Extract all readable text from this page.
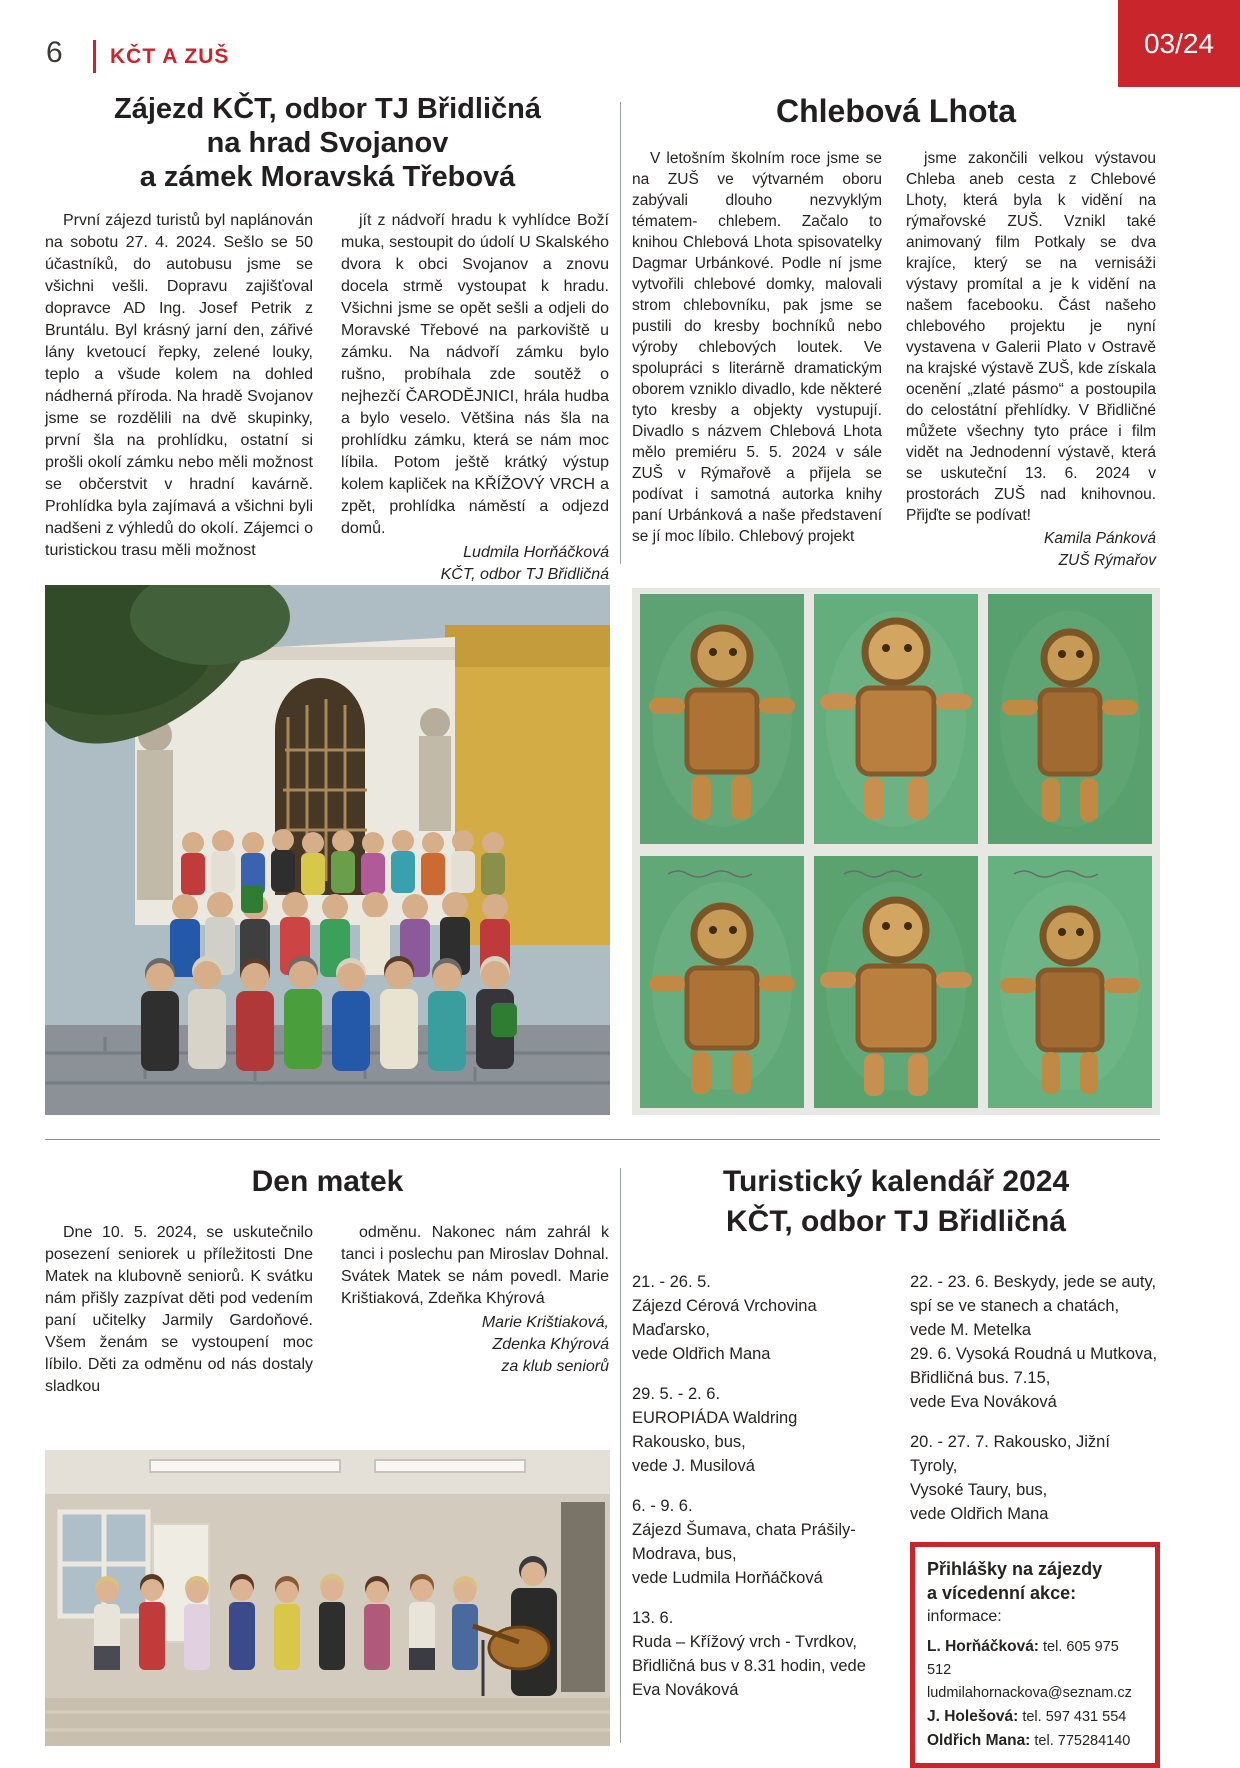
6 KČT A ZUŠ	03/24
Zájezd KČT, odbor TJ Břidličná
na hrad Svojanov
a zámek Moravská Třebová

První zájezd turistů byl naplánován na sobotu 27. 4. 2024. Sešlo se 50 účastníků, do autobusu jsme se všichni vešli. Dopravu zajišťoval dopravce AD Ing. Josef Petrik z Bruntálu. Byl krásný jarní den, zářivé lány kvetoucí řepky, zelené louky, teplo a všude kolem na dohled nádherná příroda. Na hradě Svojanov jsme se rozdělili na dvě skupinky, první šla na prohlídku, ostatní si prošli okolí zámku nebo měli možnost se občerstvit v hradní kavárně. Prohlídka byla zajímavá a všichni byli nadšeni z výhledů do okolí. Zájemci o turistickou trasu měli možnost

jít z nádvoří hradu k vyhlídce Boží muka, sestoupit do údolí U Skalského dvora k obci Svojanov a znovu docela strmě vystoupat k hradu. Všichni jsme se opět sešli a odjeli do Moravské Třebové na parkoviště u zámku. Na nádvoří zámku bylo rušno, probíhala zde soutěž o nejhezčí ČARODĚJNICI, hrála hudba a bylo veselo. Většina nás šla na prohlídku zámku, která se nám moc líbila. Potom ještě krátký výstup kolem kapliček na KŘÍŽOVÝ VRCH a zpět, prohlídka náměstí a odjezd domů.

Ludmila Horňáčková
KČT, odbor TJ Břidličná
Chlebová Lhota

V letošním školním roce jsme se na ZUŠ ve výtvarném oboru zabývali dlouho nezvyklým tématem- chlebem. Začalo to knihou Chlebová Lhota spisovatelky Dagmar Urbánkové. Podle ní jsme vytvořili chlebové domky, malovali strom chlebovníku, pak jsme se pustili do kresby bochníků nebo výroby chlebových loutek. Ve spolupráci s literárně dramatickým oborem vzniklo divadlo, kde některé tyto kresby a objekty vystupují. Divadlo s názvem Chlebová Lhota mělo premiéru 5. 5. 2024 v sále ZUŠ v Rýmařově a přijela se podívat i samotná autorka knihy paní Urbánková a naše představení se jí moc líbilo. Chlebový projekt

jsme zakončili velkou výstavou Chleba aneb cesta z Chlebové Lhoty, která byla k vidění na rýmařovské ZUŠ. Vznikl také animovaný film Potkaly se dva krajíce, který se na vernisáži výstavy promítal a je k vidění na našem facebooku. Část našeho chlebového projektu je nyní vystavena v Galerii Plato v Ostravě na krajské výstavě ZUŠ, kde získala ocenění „zlaté pásmo“ a postoupila do celostátní přehlídky. V Břidličné můžete všechny tyto práce i film vidět na Jednodenní výstavě, která se uskuteční 13. 6. 2024 v prostorách ZUŠ nad knihovnou. Přijďte se podívat!

Kamila Pánková
ZUŠ Rýmařov
Den matek

Dne 10. 5. 2024, se uskutečnilo posezení seniorek u příležitosti Dne Matek na klubovně seniorů. K svátku nám přišly zazpívat děti pod vedením paní učitelky Jarmily Gardoňové. Všem ženám se vystoupení moc líbilo. Děti za odměnu od nás dostaly sladkou

odměnu. Nakonec nám zahrál k tanci i poslechu pan Miroslav Dohnal. Svátek Matek se nám povedl. Marie Krištiaková, Zdeňka Khýrová

Marie Krištiaková,
Zdenka Khýrová
za klub seniorů
Turistický kalendář 2024
KČT, odbor TJ Břidličná
21. - 26. 5.
Zájezd Cérová Vrchovina
Maďarsko,
vede Oldřich Mana
29. 5. - 2. 6.
EUROPIÁDA Waldring
Rakousko, bus,
vede J. Musilová
6. - 9. 6.
Zájezd Šumava, chata Prášily-
Modrava, bus,
vede Ludmila Horňáčková
13. 6.
Ruda – Křížový vrch - Tvrdkov,
Břidličná bus v 8.31 hodin, vede
Eva Nováková
22. - 23. 6. Beskydy, jede se auty,
spí se ve stanech a chatách,
vede M. Metelka
29. 6. Vysoká Roudná u Mutkova,
Břidličná bus. 7.15,
vede Eva Nováková
20. - 27. 7. Rakousko, Jižní Tyroly,
Vysoké Taury, bus,
vede Oldřich Mana
Přihlášky na zájezdy
a vícedenní akce:
informace:
L. Horňáčková: tel. 605 975 512
ludmilahornackova@seznam.cz
J. Holešová: tel. 597 431 554
Oldřich Mana: tel. 775284140
